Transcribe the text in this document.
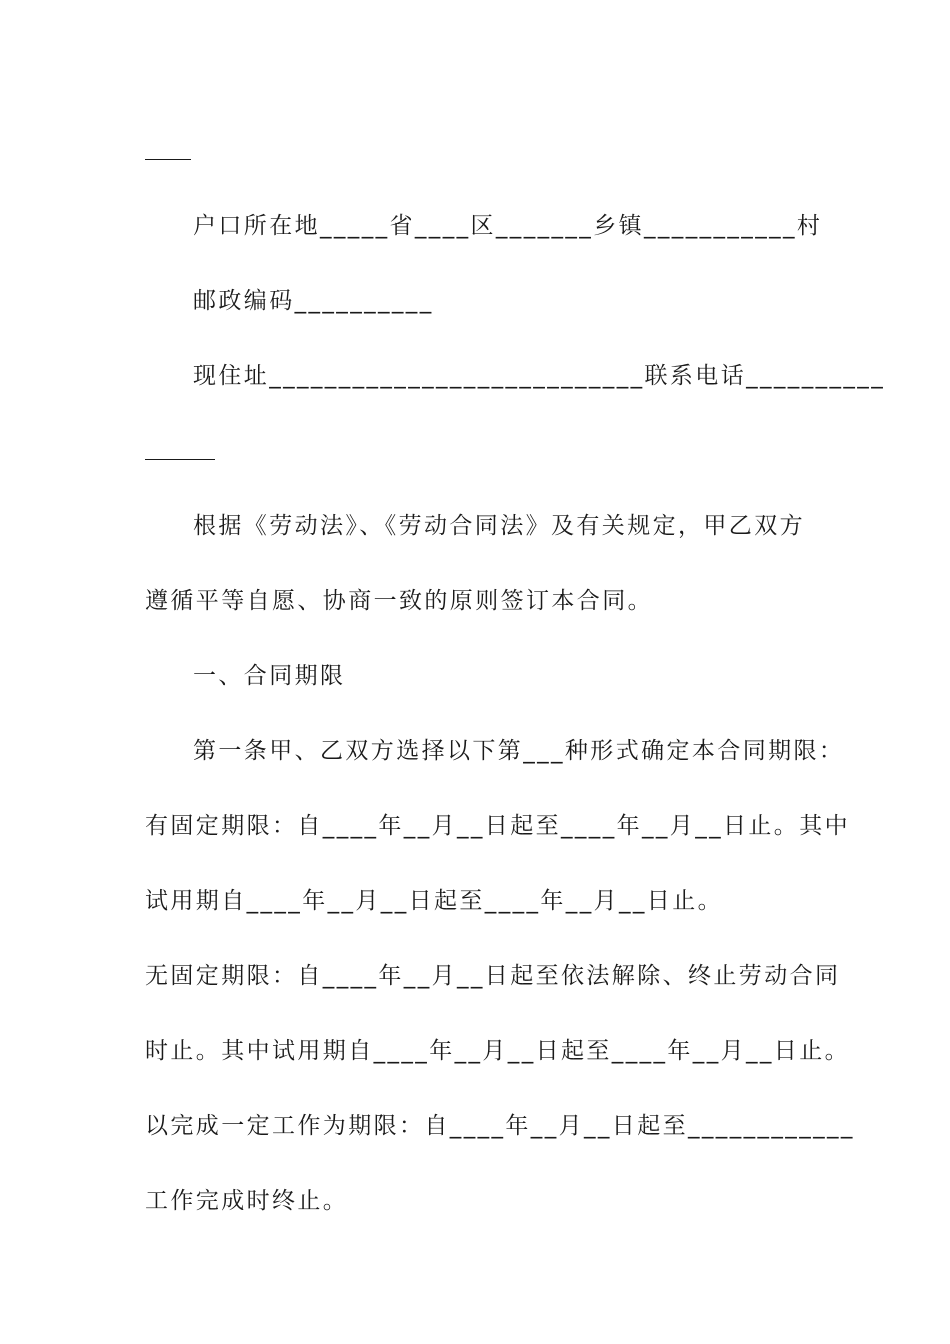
户口所在地_____省____区_______乡镇___________村
邮政编码__________
现住址___________________________联系电话__________
根据《劳动法》、《劳动合同法》及有关规定，甲乙双方
遵循平等自愿、协商一致的原则签订本合同。
一、合同期限
第一条甲、乙双方选择以下第___种形式确定本合同期限：
有固定期限：自____年__月__日起至____年__月__日止。其中
试用期自____年__月__日起至____年__月__日止。
无固定期限：自____年__月__日起至依法解除、终止劳动合同
时止。其中试用期自____年__月__日起至____年__月__日止。
以完成一定工作为期限：自____年__月__日起至____________
工作完成时终止。
